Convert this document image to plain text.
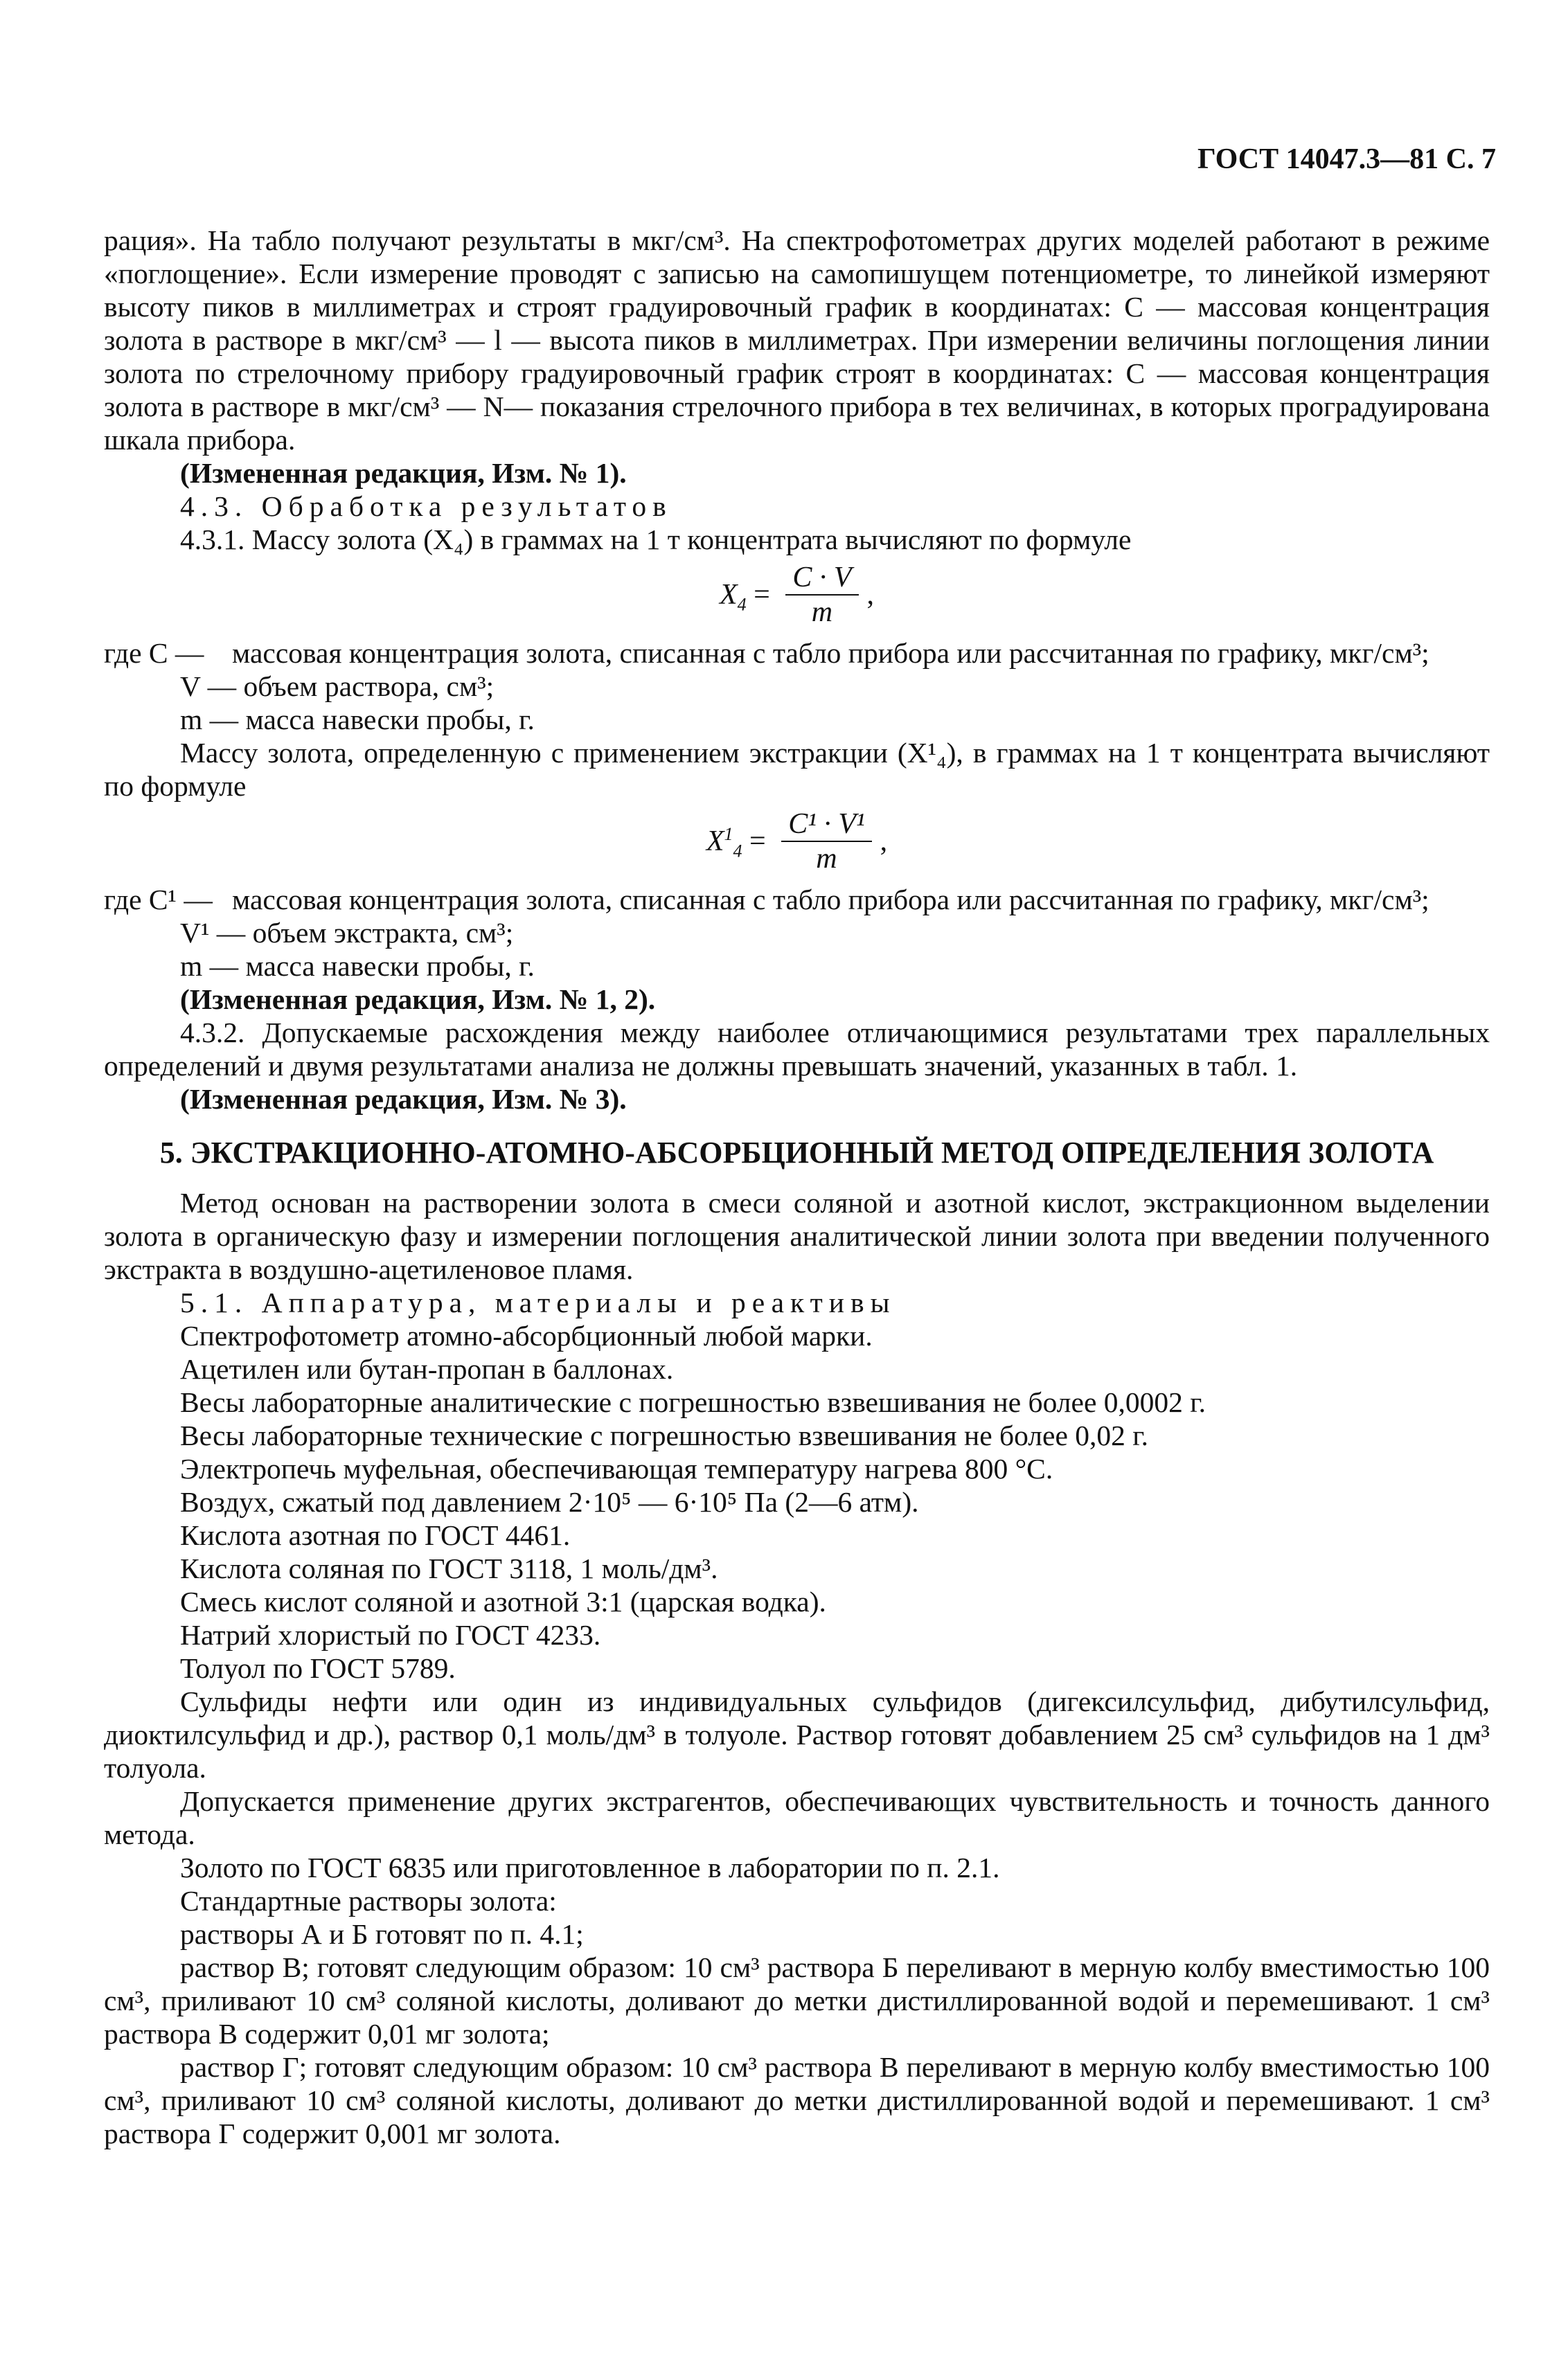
ГОСТ 14047.3—81 С. 7

рация». На табло получают результаты в мкг/см³. На спектрофотометрах других моделей работают в режиме «поглощение». Если измерение проводят с записью на самопишущем потенциометре, то линейкой измеряют высоту пиков в миллиметрах и строят градуировочный график в координатах: C — массовая концентрация золота в растворе в мкг/см³ — l — высота пиков в миллиметрах. При измерении величины поглощения линии золота по стрелочному прибору градуировочный график строят в координатах: C — массовая концентрация золота в растворе в мкг/см³ — N— показания стрелочного прибора в тех величинах, в которых проградуирована шкала прибора.

(Измененная редакция, Изм. № 1).

4.3. Обработка результатов

4.3.1. Массу золота (X₄) в граммах на 1 т концентрата вычисляют по формуле

$X_4 = \frac{C \cdot V}{m}$ ,
где C — массовая концентрация золота, списанная с табло прибора или рассчитанная по графику, мкг/см³;

V — объем раствора, см³;

m — масса навески пробы, г.

Массу золота, определенную с применением экстракции (X¹₄), в граммах на 1 т концентрата вычисляют по формуле

$X^1_4 = \frac{\text{C¹ · V¹}}{m}$ ,
где C¹ — массовая концентрация золота, списанная с табло прибора или рассчитанная по графику, мкг/см³;

V¹ — объем экстракта, см³;

m — масса навески пробы, г.

(Измененная редакция, Изм. № 1, 2).

4.3.2. Допускаемые расхождения между наиболее отличающимися результатами трех параллельных определений и двумя результатами анализа не должны превышать значений, указанных в табл. 1.

(Измененная редакция, Изм. № 3).

5. ЭКСТРАКЦИОННО-АТОМНО-АБСОРБЦИОННЫЙ МЕТОД ОПРЕДЕЛЕНИЯ ЗОЛОТА

Метод основан на растворении золота в смеси соляной и азотной кислот, экстракционном выделении золота в органическую фазу и измерении поглощения аналитической линии золота при введении полученного экстракта в воздушно-ацетиленовое пламя.

5.1. Аппаратура, материалы и реактивы

Спектрофотометр атомно-абсорбционный любой марки.

Ацетилен или бутан-пропан в баллонах.

Весы лабораторные аналитические с погрешностью взвешивания не более 0,0002 г.

Весы лабораторные технические с погрешностью взвешивания не более 0,02 г.

Электропечь муфельная, обеспечивающая температуру нагрева 800 °C.

Воздух, сжатый под давлением 2·10⁵ — 6·10⁵ Па (2—6 атм).

Кислота азотная по ГОСТ 4461.

Кислота соляная по ГОСТ 3118, 1 моль/дм³.

Смесь кислот соляной и азотной 3:1 (царская водка).

Натрий хлористый по ГОСТ 4233.

Толуол по ГОСТ 5789.

Сульфиды нефти или один из индивидуальных сульфидов (дигексилсульфид, дибутилсульфид, диоктилсульфид и др.), раствор 0,1 моль/дм³ в толуоле. Раствор готовят добавлением 25 см³ сульфидов на 1 дм³ толуола.

Допускается применение других экстрагентов, обеспечивающих чувствительность и точность данного метода.

Золото по ГОСТ 6835 или приготовленное в лаборатории по п. 2.1.

Стандартные растворы золота:

растворы А и Б готовят по п. 4.1;

раствор В; готовят следующим образом: 10 см³ раствора Б переливают в мерную колбу вместимостью 100 см³, приливают 10 см³ соляной кислоты, доливают до метки дистиллированной водой и перемешивают. 1 см³ раствора В содержит 0,01 мг золота;

раствор Г; готовят следующим образом: 10 см³ раствора В переливают в мерную колбу вместимостью 100 см³, приливают 10 см³ соляной кислоты, доливают до метки дистиллированной водой и перемешивают. 1 см³ раствора Г содержит 0,001 мг золота.
